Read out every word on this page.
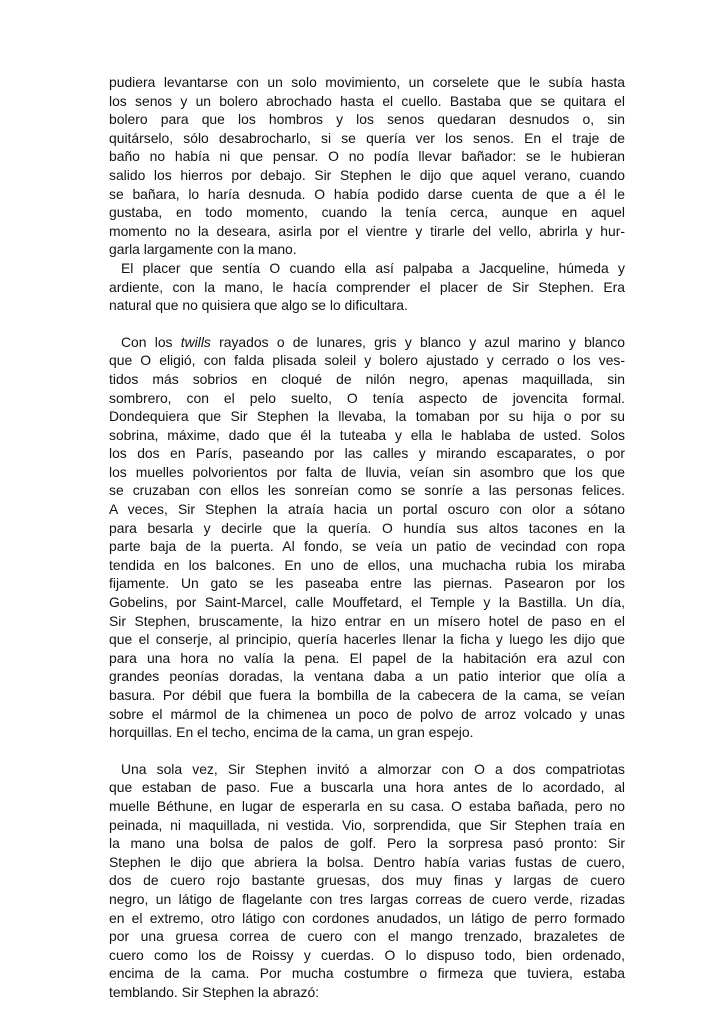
pudiera levantarse con un solo movimiento, un corselete que le subía hasta
los senos y un bolero abrochado hasta el cuello. Bastaba que se quitara el
bolero para que los hombros y los senos quedaran desnudos o, sin
quitárselo, sólo desabrocharlo, si se quería ver los senos. En el traje de
baño no había ni que pensar. O no podía llevar bañador: se le hubieran
salido los hierros por debajo. Sir Stephen le dijo que aquel verano, cuando
se bañara, lo haría desnuda. O había podido darse cuenta de que a él le
gustaba, en todo momento, cuando la tenía cerca, aunque en aquel
momento no la deseara, asirla por el vientre y tirarle del vello, abrirla y hur-
garla largamente con la mano.

El placer que sentía O cuando ella así palpaba a Jacqueline, húmeda y
ardiente, con la mano, le hacía comprender el placer de Sir Stephen. Era
natural que no quisiera que algo se lo dificultara.

Con los twills rayados o de lunares, gris y blanco y azul marino y blanco
que O eligió, con falda plisada soleil y bolero ajustado y cerrado o los ves-
tidos más sobrios en cloqué de nilón negro, apenas maquillada, sin
sombrero, con el pelo suelto, O tenía aspecto de jovencita formal.
Dondequiera que Sir Stephen la llevaba, la tomaban por su hija o por su
sobrina, máxime, dado que él la tuteaba y ella le hablaba de usted. Solos
los dos en París, paseando por las calles y mirando escaparates, o por
los muelles polvorientos por falta de lluvia, veían sin asombro que los que
se cruzaban con ellos les sonreían como se sonríe a las personas felices.
A veces, Sir Stephen la atraía hacia un portal oscuro con olor a sótano
para besarla y decirle que la quería. O hundía sus altos tacones en la
parte baja de la puerta. Al fondo, se veía un patio de vecindad con ropa
tendida en los balcones. En uno de ellos, una muchacha rubia los miraba
fijamente. Un gato se les paseaba entre las piernas. Pasearon por los
Gobelins, por Saint-Marcel, calle Mouffetard, el Temple y la Bastilla. Un día,
Sir Stephen, bruscamente, la hizo entrar en un mísero hotel de paso en el
que el conserje, al principio, quería hacerles llenar la ficha y luego les dijo que
para una hora no valía la pena. El papel de la habitación era azul con
grandes peonías doradas, la ventana daba a un patio interior que olía a
basura. Por débil que fuera la bombilla de la cabecera de la cama, se veían
sobre el mármol de la chimenea un poco de polvo de arroz volcado y unas
horquillas. En el techo, encima de la cama, un gran espejo.

Una sola vez, Sir Stephen invitó a almorzar con O a dos compatriotas
que estaban de paso. Fue a buscarla una hora antes de lo acordado, al
muelle Béthune, en lugar de esperarla en su casa. O estaba bañada, pero no
peinada, ni maquillada, ni vestida. Vio, sorprendida, que Sir Stephen traía en
la mano una bolsa de palos de golf. Pero la sorpresa pasó pronto: Sir
Stephen le dijo que abriera la bolsa. Dentro había varias fustas de cuero,
dos de cuero rojo bastante gruesas, dos muy finas y largas de cuero
negro, un látigo de flagelante con tres largas correas de cuero verde, rizadas
en el extremo, otro látigo con cordones anudados, un látigo de perro formado
por una gruesa correa de cuero con el mango trenzado, brazaletes de
cuero como los de Roissy y cuerdas. O lo dispuso todo, bien ordenado,
encima de la cama. Por mucha costumbre o firmeza que tuviera, estaba
temblando. Sir Stephen la abrazó:
